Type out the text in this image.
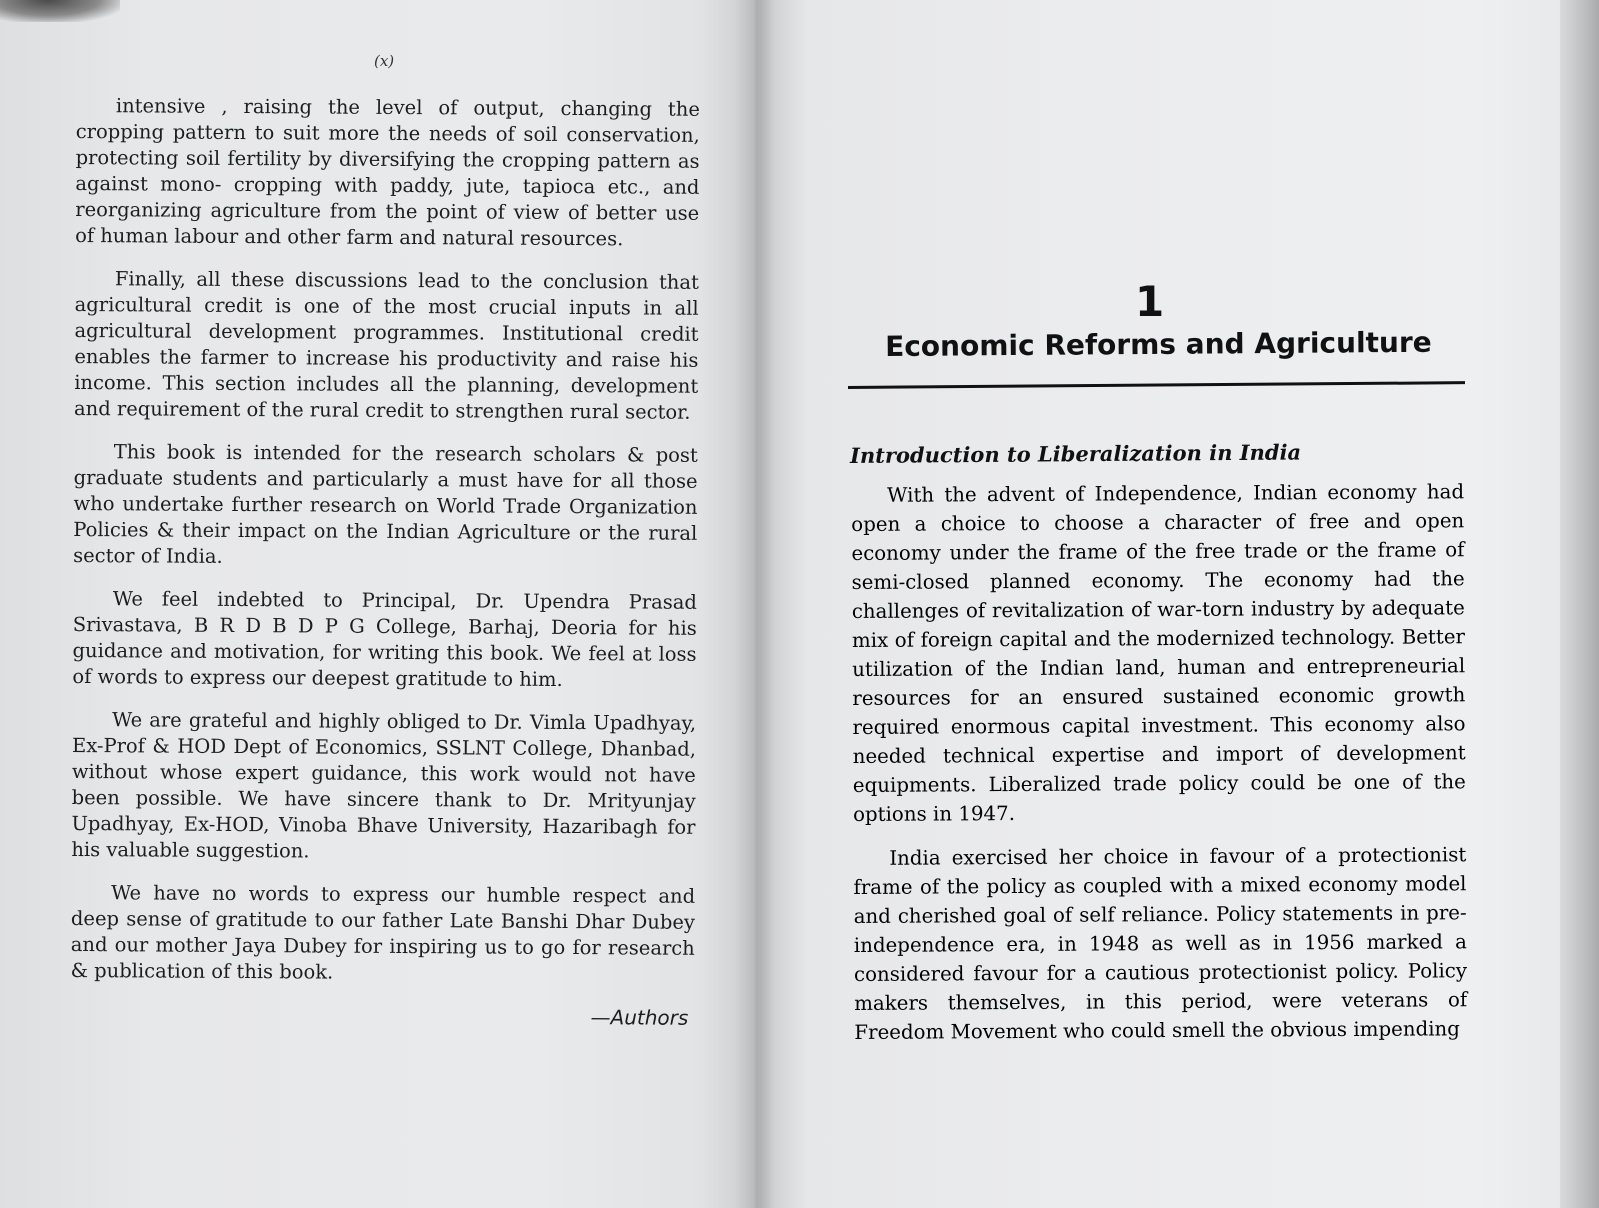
(x)

intensive , raising the level of output, changing the cropping pattern to suit more the needs of soil conservation, protecting soil fertility by diversifying the cropping pattern as against mono- cropping with paddy, jute, tapioca etc., and reorganizing agriculture from the point of view of better use of human labour and other farm and natural resources.

Finally, all these discussions lead to the conclusion that agricultural credit is one of the most crucial inputs in all agricultural development programmes. Institutional credit enables the farmer to increase his productivity and raise his income. This section includes all the planning, development and requirement of the rural credit to strengthen rural sector.

This book is intended for the research scholars & post graduate students and particularly a must have for all those who undertake further research on World Trade Organization Policies & their impact on the Indian Agriculture or the rural sector of India.

We feel indebted to Principal, Dr. Upendra Prasad Srivastava, B R D B D P G College, Barhaj, Deoria for his guidance and motivation, for writing this book. We feel at loss of words to express our deepest gratitude to him.

We are grateful and highly obliged to Dr. Vimla Upadhyay, Ex-Prof & HOD Dept of Economics, SSLNT College, Dhanbad, without whose expert guidance, this work would not have been possible. We have sincere thank to Dr. Mrityunjay Upadhyay, Ex-HOD, Vinoba Bhave University, Hazaribagh for his valuable suggestion.

We have no words to express our humble respect and deep sense of gratitude to our father Late Banshi Dhar Dubey and our mother Jaya Dubey for inspiring us to go for research & publication of this book.

—Authors
1
Economic Reforms and Agriculture
Introduction to Liberalization in India

With the advent of Independence, Indian economy had open a choice to choose a character of free and open economy under the frame of the free trade or the frame of semi-closed planned economy. The economy had the challenges of revitalization of war-torn industry by adequate mix of foreign capital and the modernized technology. Better utilization of the Indian land, human and entrepreneurial resources for an ensured sustained economic growth required enormous capital investment. This economy also needed technical expertise and import of development equipments. Liberalized trade policy could be one of the options in 1947.

India exercised her choice in favour of a protectionist frame of the policy as coupled with a mixed economy model and cherished goal of self reliance. Policy statements in pre-independence era, in 1948 as well as in 1956 marked a considered favour for a cautious protectionist policy. Policy makers themselves, in this period, were veterans of Freedom Movement who could smell the obvious impending
